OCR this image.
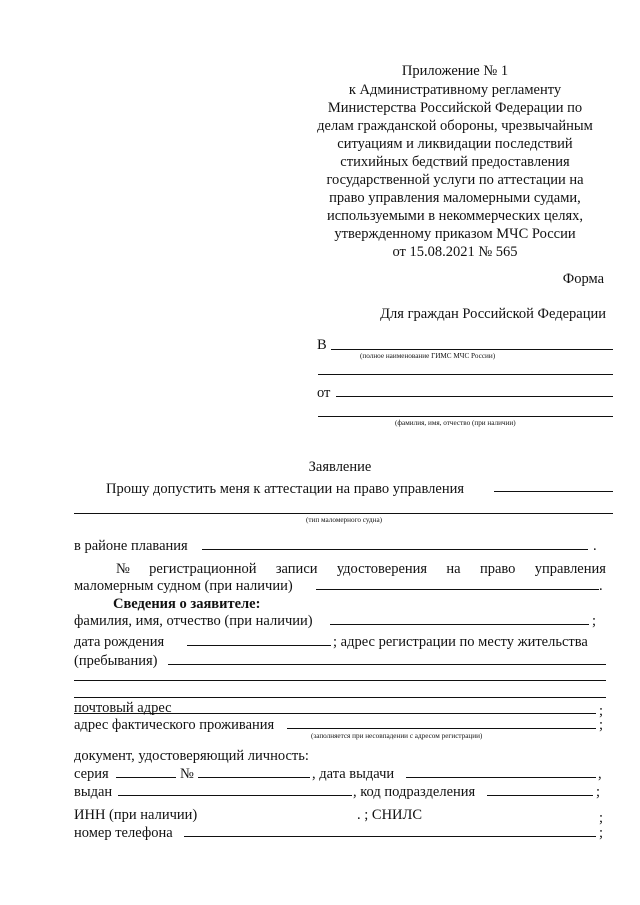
Приложение № 1
к Административному регламенту
Министерства Российской Федерации по
делам гражданской обороны, чрезвычайным
ситуациям и ликвидации последствий
стихийных бедствий предоставления
государственной услуги по аттестации на
право управления маломерными судами,
используемыми в некоммерческих целях,
утвержденному приказом МЧС России
от 15.08.2021 № 565
Форма
Для граждан Российской Федерации
В
(полное наименование ГИМС МЧС России)
от
(фамилия, имя, отчество (при наличии)
Заявление
Прошу допустить меня к аттестации на право управления
(тип маломерного судна)
в районе плавания	.
№ регистрационной записи удостоверения на право управления
маломерным судном (при наличии)	.
Сведения о заявителе:
фамилия, имя, отчество (при наличии)	;
дата рождения	; адрес регистрации по месту жительства
(пребывания)
;
почтовый адрес
адрес фактического проживания	;
(заполняется при несовпадении с адресом регистрации)
документ, удостоверяющий личность:
серия	№	, дата выдачи	,
выдан	, код подразделения	;
ИНН (при наличии)	. ; СНИЛС	;
номер телефона	;
